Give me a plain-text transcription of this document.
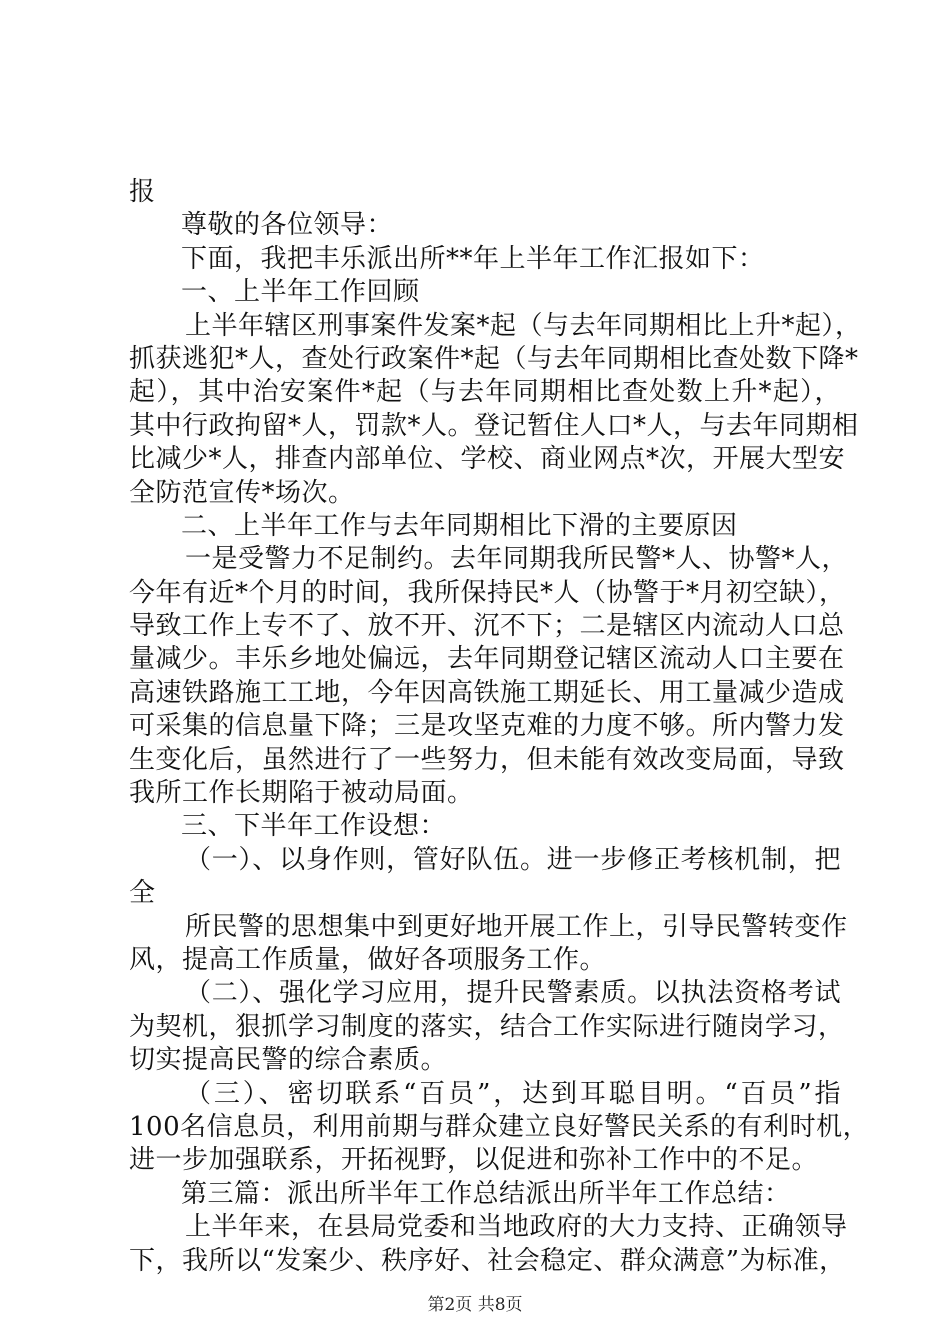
报
尊敬的各位领导：
下面，我把丰乐派出所**年上半年工作汇报如下：
一、上半年工作回顾
上半年辖区刑事案件发案*起（与去年同期相比上升*起），
抓获逃犯*人，查处行政案件*起（与去年同期相比查处数下降*
起），其中治安案件*起（与去年同期相比查处数上升*起），
其中行政拘留*人，罚款*人。登记暂住人口*人，与去年同期相
比减少*人，排查内部单位、学校、商业网点*次，开展大型安
全防范宣传*场次。
二、上半年工作与去年同期相比下滑的主要原因
一是受警力不足制约。去年同期我所民警*人、协警*人，
今年有近*个月的时间，我所保持民*人（协警于*月初空缺），
导致工作上专不了、放不开、沉不下；二是辖区内流动人口总
量减少。丰乐乡地处偏远，去年同期登记辖区流动人口主要在
高速铁路施工工地，今年因高铁施工期延长、用工量减少造成
可采集的信息量下降；三是攻坚克难的力度不够。所内警力发
生变化后，虽然进行了一些努力，但未能有效改变局面，导致
我所工作长期陷于被动局面。
三、下半年工作设想：
（一）、以身作则，管好队伍。进一步修正考核机制，把
全
所民警的思想集中到更好地开展工作上，引导民警转变作
风，提高工作质量，做好各项服务工作。
（二）、强化学习应用，提升民警素质。以执法资格考试
为契机，狠抓学习制度的落实，结合工作实际进行随岗学习，
切实提高民警的综合素质。
（三）、密切联系“百员”，达到耳聪目明。“百员”指
100名信息员，利用前期与群众建立良好警民关系的有利时机，
进一步加强联系，开拓视野，以促进和弥补工作中的不足。
第三篇：派出所半年工作总结派出所半年工作总结：
上半年来，在县局党委和当地政府的大力支持、正确领导
下，我所以“发案少、秩序好、社会稳定、群众满意”为标准，
第2页 共8页
